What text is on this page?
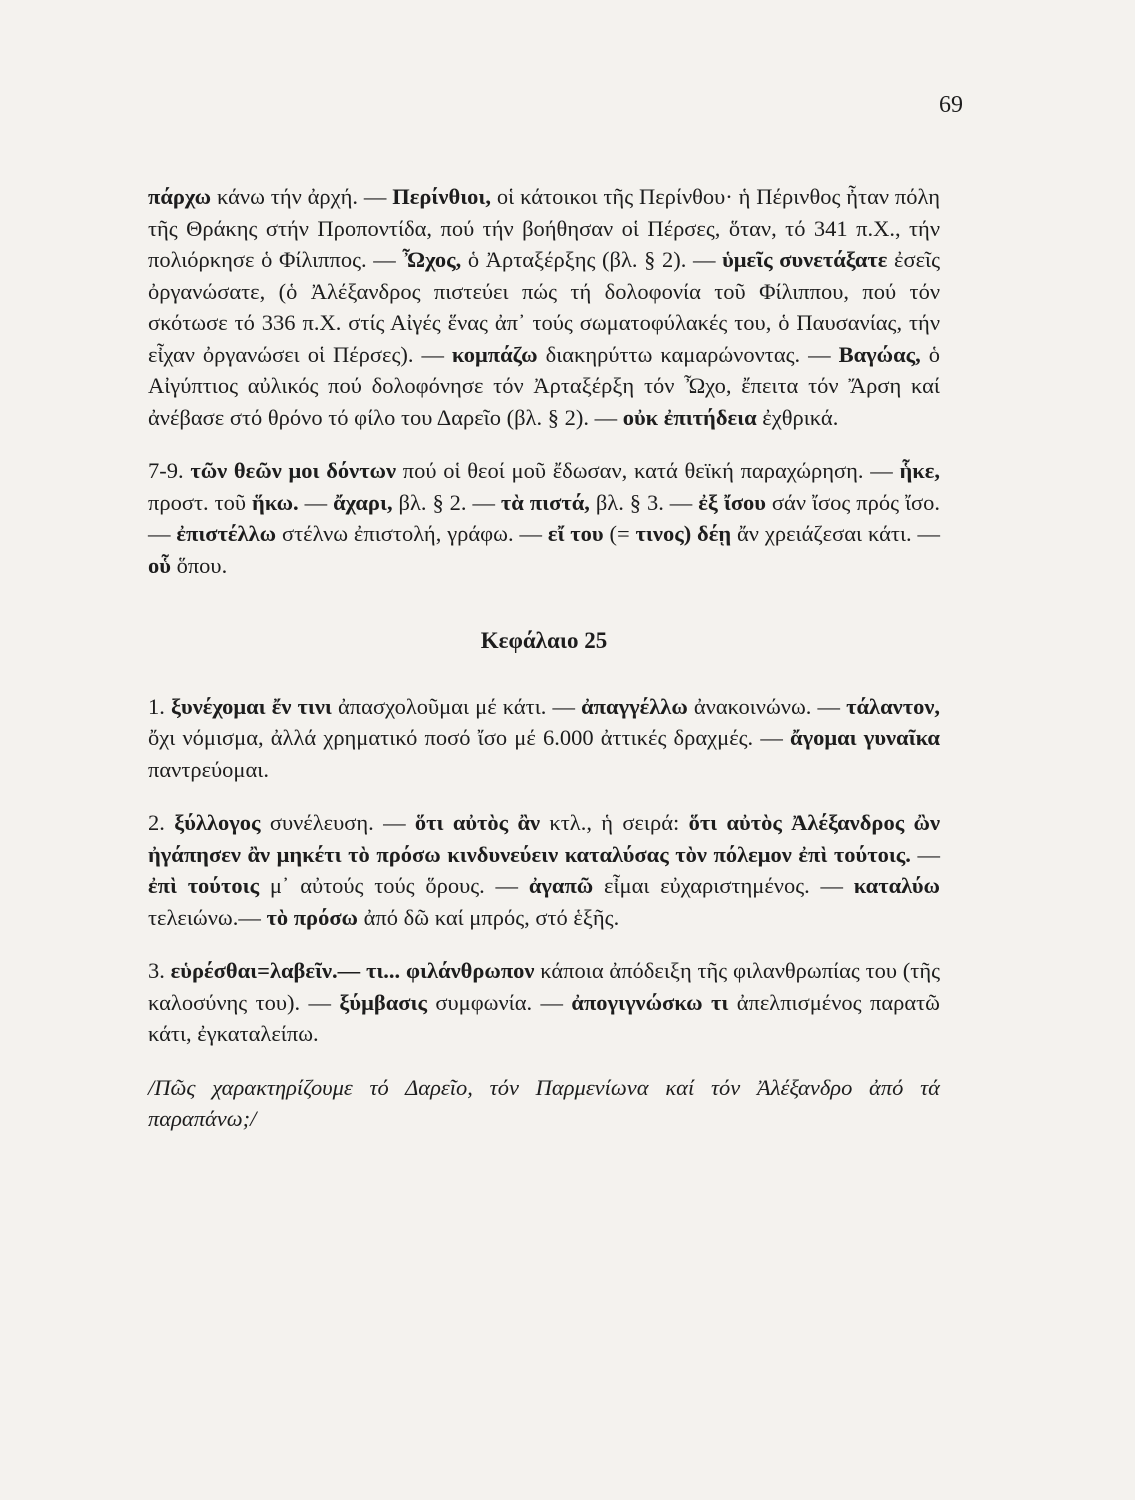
69

πάρχω κάνω τήν ἀρχή. — Περίνθιοι, οἱ κάτοικοι τῆς Περίνθου· ἡ Πέρινθος ἦταν πόλη τῆς Θράκης στήν Προποντίδα, πού τήν βοήθησαν οἱ Πέρσες, ὅταν, τό 341 π.Χ., τήν πολιόρκησε ὁ Φίλιππος. — Ὦχος, ὁ Ἀρταξέρξης (βλ. § 2). — ὑμεῖς συνετάξατε ἐσεῖς ὀργανώσατε, (ὁ Ἀλέξανδρος πιστεύει πώς τή δολοφονία τοῦ Φίλιππου, πού τόν σκότωσε τό 336 π.Χ. στίς Αἰγές ἕνας ἀπ᾽ τούς σωματοφύλακές του, ὁ Παυσανίας, τήν εἶχαν ὀργανώσει οἱ Πέρσες). — κομπάζω διακηρύττω καμαρώνοντας. — Βαγώας, ὁ Αἰγύπτιος αὐλικός πού δολοφόνησε τόν Ἀρταξέρξη τόν Ὦχο, ἔπειτα τόν Ἄρση καί ἀνέβασε στό θρόνο τό φίλο του Δαρεῖο (βλ. § 2). — οὐκ ἐπιτήδεια ἐχθρικά.

7-9. τῶν θεῶν μοι δόντων πού οἱ θεοί μοῦ ἔδωσαν, κατά θεϊκή παραχώρηση. — ἧκε, προστ. τοῦ ἥκω. — ἄχαρι, βλ. § 2. — τὰ πιστά, βλ. § 3. — ἐξ ἴσου σάν ἴσος πρός ἴσο. — ἐπιστέλλω στέλνω ἐπιστολή, γράφω. — εἴ του (= τινος) δέῃ ἄν χρειάζεσαι κάτι. — οὗ ὅπου.

Κεφάλαιο 25

1. ξυνέχομαι ἔν τινι ἀπασχολοῦμαι μέ κάτι. — ἀπαγγέλλω ἀνακοινώνω. — τάλαντον, ὄχι νόμισμα, ἀλλά χρηματικό ποσό ἴσο μέ 6.000 ἀττικές δραχμές. — ἄγομαι γυναῖκα παντρεύομαι.

2. ξύλλογος συνέλευση. — ὅτι αὐτὸς ἂν κτλ., ἡ σειρά: ὅτι αὐτὸς Ἀλέξανδρος ὢν ἠγάπησεν ἂν μηκέτι τὸ πρόσω κινδυνεύειν καταλύσας τὸν πόλεμον ἐπὶ τούτοις. — ἐπὶ τούτοις μ᾽ αὐτούς τούς ὅρους. — ἀγαπῶ εἶμαι εὐχαριστημένος. — καταλύω τελειώνω.— τὸ πρόσω ἀπό δῶ καί μπρός, στό ἑξῆς.

3. εὑρέσθαι=λαβεῖν.— τι... φιλάνθρωπον κάποια ἀπόδειξη τῆς φιλανθρωπίας του (τῆς καλοσύνης του). — ξύμβασις συμφωνία. — ἀπογιγνώσκω τι ἀπελπισμένος παρατῶ κάτι, ἐγκαταλείπω.

/Πῶς χαρακτηρίζουμε τό Δαρεῖο, τόν Παρμενίωνα καί τόν Ἀλέξανδρο ἀπό τά παραπάνω;/
